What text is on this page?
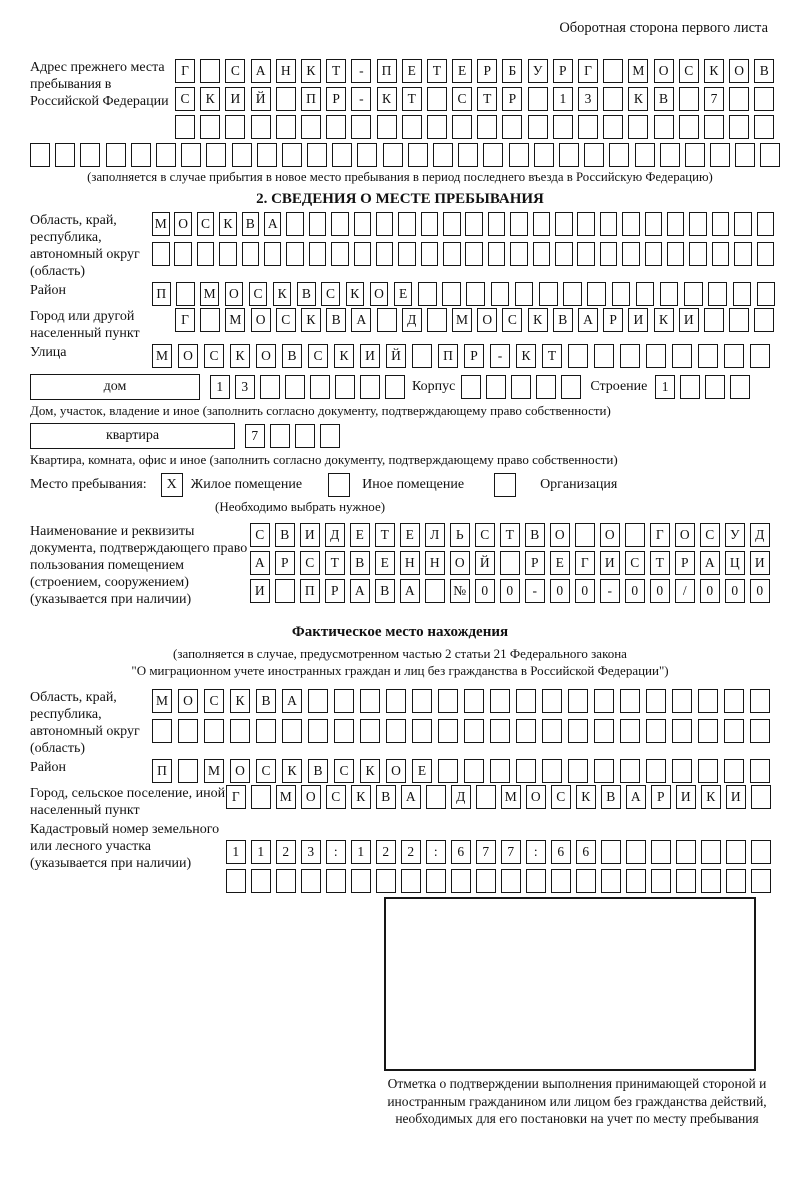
Оборотная сторона первого листа
Адрес прежнего места пребывания в Российской Федерации
Г	С	А	Н	К	Т	-	П	Е	Т	Е	Р	Б	У	Р	Г	М	О	С	К	О	В
С	К	И	Й	П	Р	-	К	Т	С	Т	Р	1	3	К	В	7
(заполняется в случае прибытия в новое место пребывания в период последнего въезда в Российскую Федерацию)
2. СВЕДЕНИЯ О МЕСТЕ ПРЕБЫВАНИЯ
Область, край, республика, автономный округ (область)
М О С К В А
Район	П	М О	С	К	В	С	К	О	Е
Город или другой населенный пункт
Г	М	О	С	К	В	А	Д	М	О	С	К	В	А	Р	И	К	И
Улица	М	О	С	К	О	В	С	К	И	Й	П	Р	-	К	Т
дом	1	3	Корпус	Строение	1
Дом, участок, владение и иное (заполнить согласно документу, подтверждающему право собственности)
квартира	7
Квартира, комната, офис и иное (заполнить согласно документу, подтверждающему право собственности)
Место пребывания:	X Жилое помещение	Иное помещение	Организация
(Необходимо выбрать нужное)
Наименование и реквизиты документа, подтверждающего право пользования помещением (строением, сооружением) (указывается при наличии)
С	В	И	Д	Е	Т	Е	Л	Ь	С	Т	В	О	О	Г	О	С	У	Д
А	Р	С	Т	В	Е	Н	Н	О	Й	Р	Е	Г	И	С	Т	Р	А	Ц	И
И	П	Р	А	В	А	№	0	0	-	0	0	-	0	0	/	0	0	0
Фактическое место нахождения
(заполняется в случае, предусмотренном частью 2 статьи 21 Федерального закона
"О миграционном учете иностранных граждан и лиц без гражданства в Российской Федерации")
Область, край, республика, автономный округ (область)
М	О	С	К	В	А
Район	П	М	О	С	К	В	С	К	О	Е
Город, сельское поселение, иной населенный пункт
Г	М	О	С	К	В	А	Д	М	О	С	К	В	А	Р	И	К	И
Кадастровый номер земельного или лесного участка (указывается при наличии)
1	1	2	3	:	1	2	2	:	6	7	7	:	6	6
Отметка о подтверждении выполнения принимающей стороной и иностранным гражданином или лицом без гражданства действий, необходимых для его постановки на учет по месту пребывания
